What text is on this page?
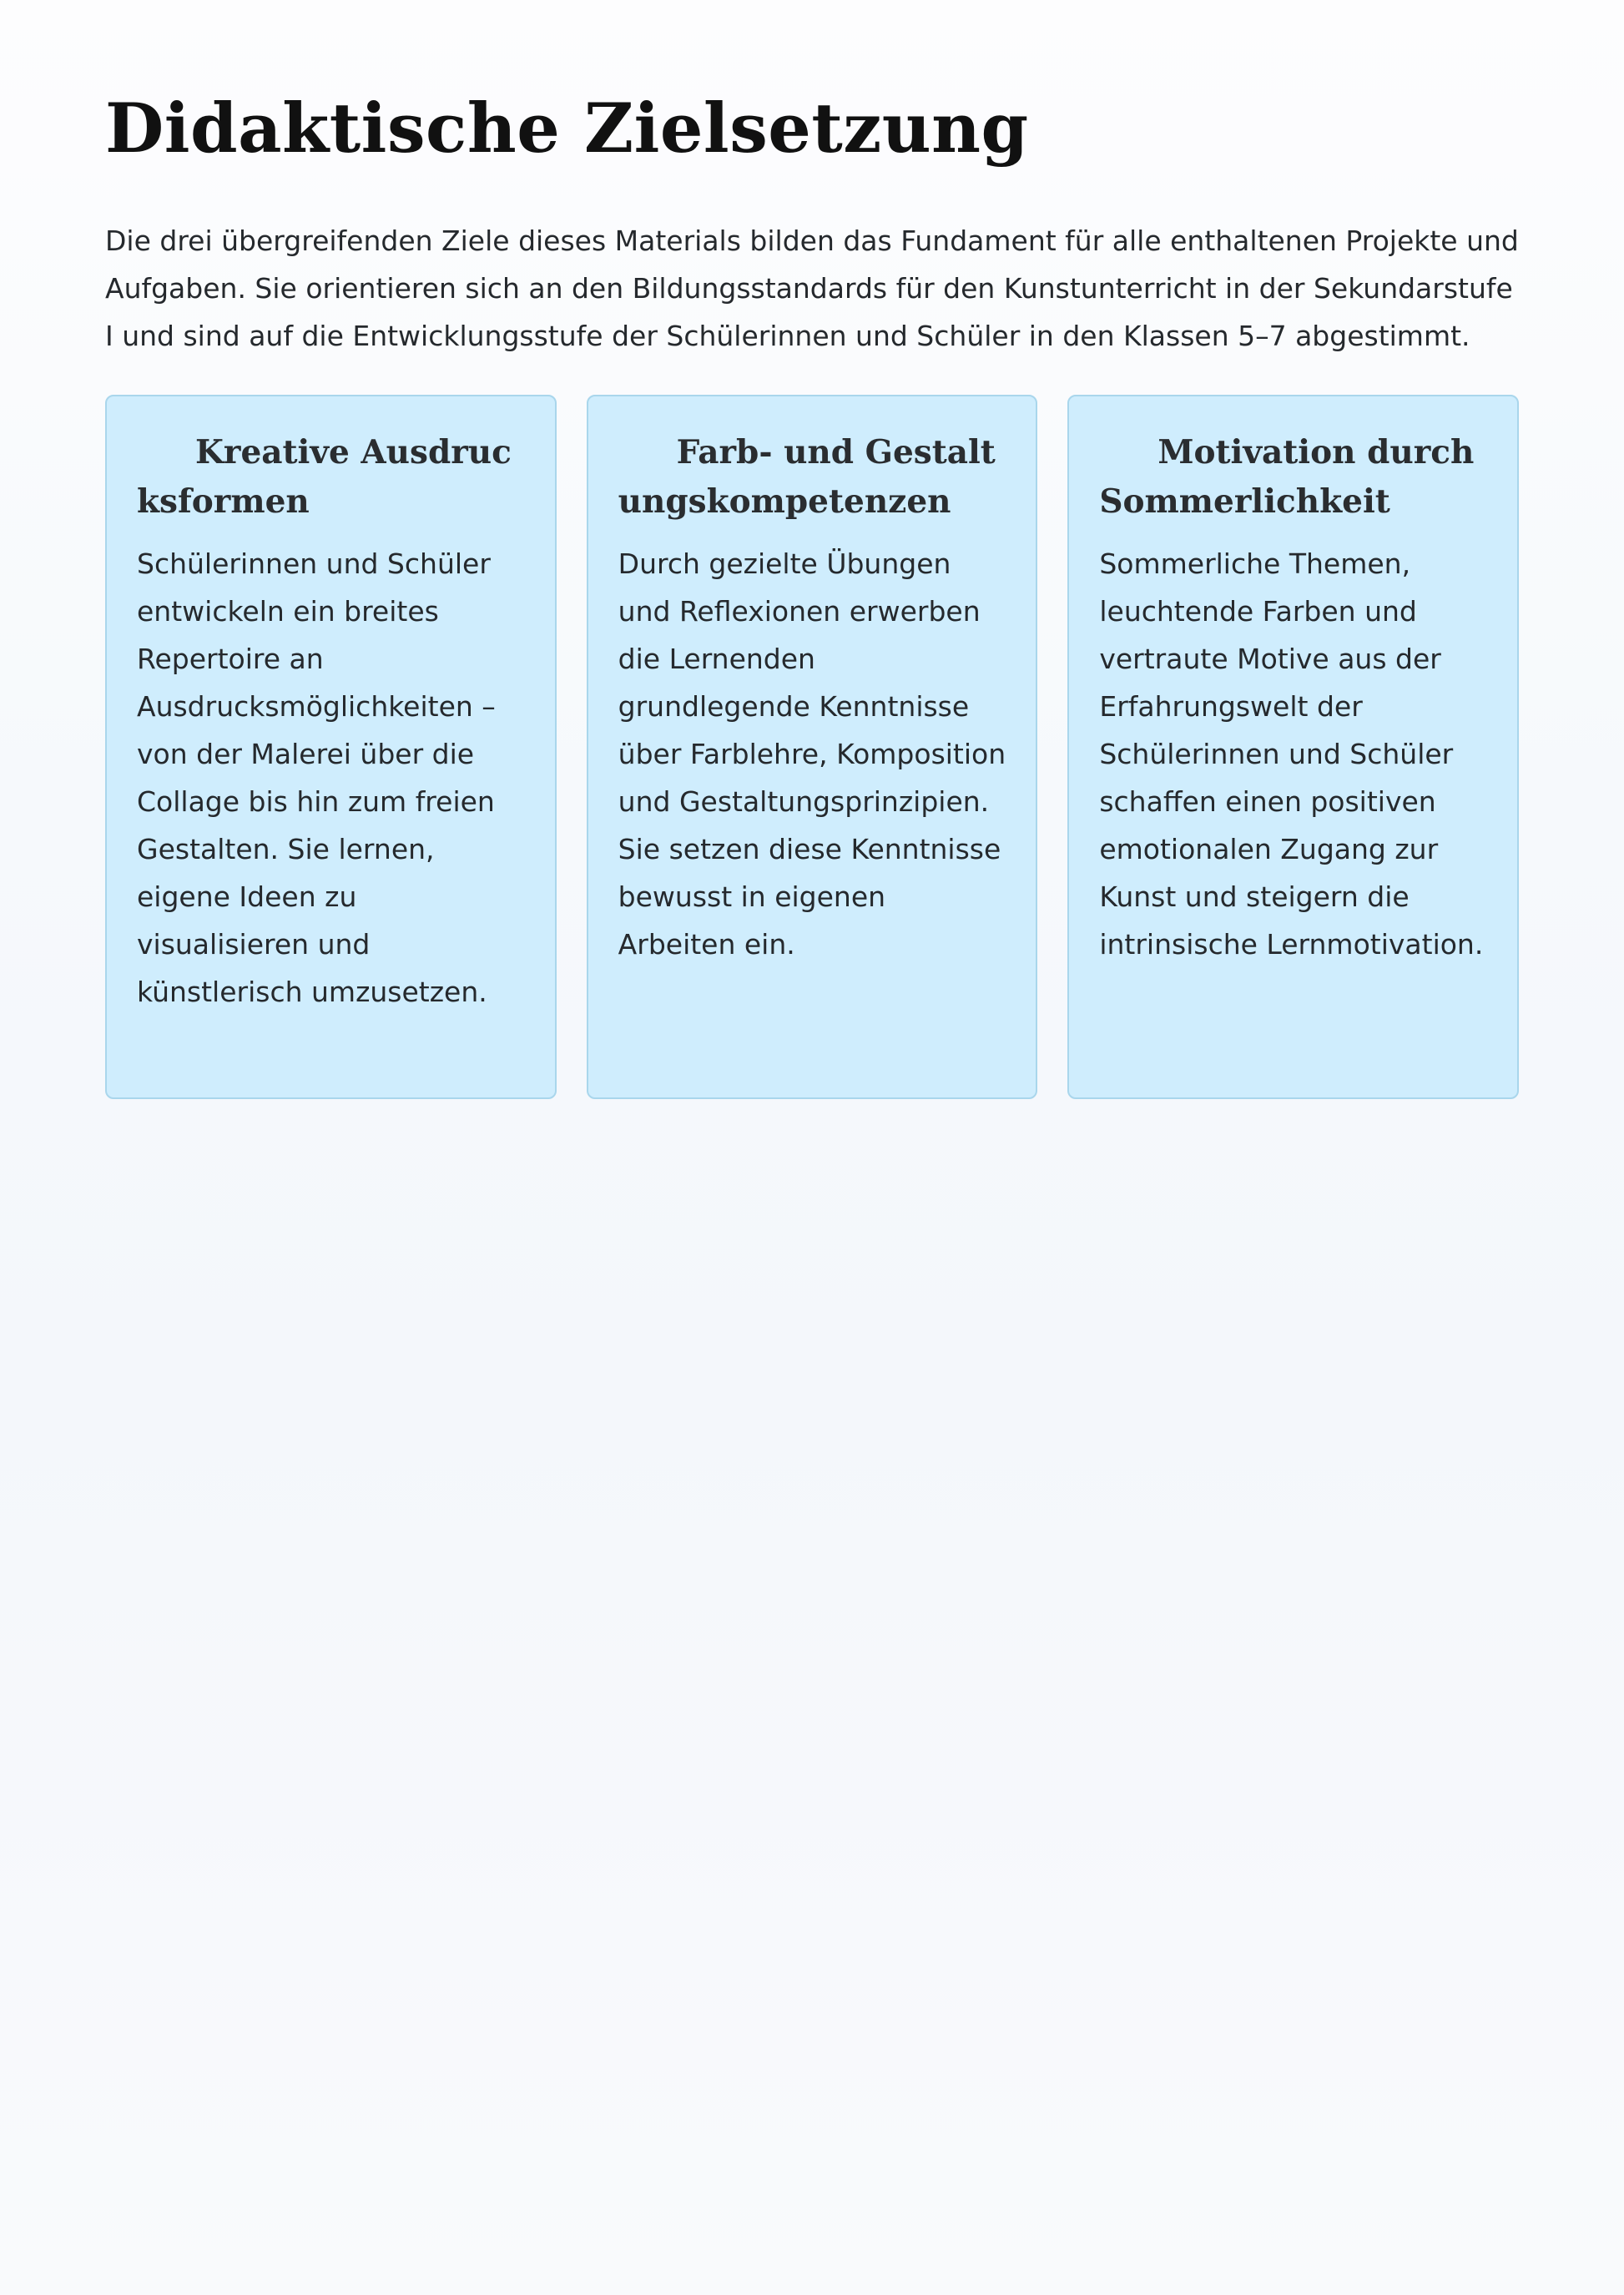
Didaktische Zielsetzung

Die drei übergreifenden Ziele dieses Materials bilden das Fundament für alle enthaltenen Projekte und Aufgaben. Sie orientieren sich an den Bildungsstandards für den Kunstunterricht in der Sekundarstufe I und sind auf die Entwicklungsstufe der Schülerinnen und Schüler in den Klassen 5–7 abgestimmt.

Kreative Ausdrucksformen

Schülerinnen und Schüler entwickeln ein breites Repertoire an Ausdrucksmöglichkeiten – von der Malerei über die Collage bis hin zum freien Gestalten. Sie lernen, eigene Ideen zu visualisieren und künstlerisch umzusetzen.

Farb- und Gestaltungskompetenzen

Durch gezielte Übungen und Reflexionen erwerben die Lernenden grundlegende Kenntnisse über Farblehre, Komposition und Gestaltungsprinzipien. Sie setzen diese Kenntnisse bewusst in eigenen Arbeiten ein.

Motivation durch Sommerlichkeit

Sommerliche Themen, leuchtende Farben und vertraute Motive aus der Erfahrungswelt der Schülerinnen und Schüler schaffen einen positiven emotionalen Zugang zur Kunst und steigern die intrinsische Lernmotivation.
